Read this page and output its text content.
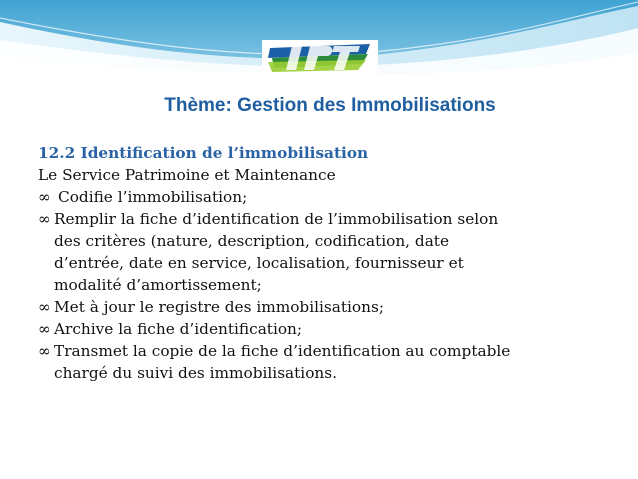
Thème: Gestion des Immobilisations
12.2 Identification de l’immobilisation
Le Service Patrimoine et Maintenance
∞ Codifie l’immobilisation;
∞ Remplir la fiche d’identification de l’immobilisation selon
des critères (nature, description, codification, date
d’entrée, date en service, localisation, fournisseur et
modalité d’amortissement;
∞ Met à jour le registre des immobilisations;
∞ Archive la fiche d’identification;
∞ Transmet la copie de la fiche d’identification au comptable
chargé du suivi des immobilisations.
